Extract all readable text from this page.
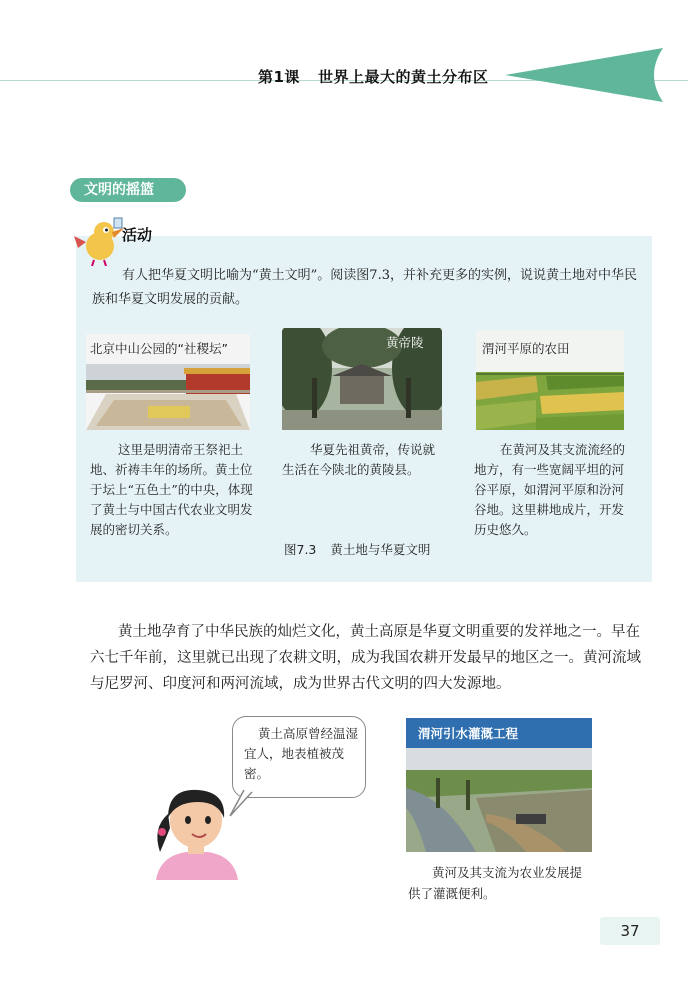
第1课 世界上最大的黄土分布区
文明的摇篮
活动
有人把华夏文明比喻为“黄土文明”。阅读图7.3，并补充更多的实例，说说黄土地对中华民族和华夏文明发展的贡献。
北京中山公园的“社稷坛”	黄帝陵	渭河平原的农田
这里是明清帝王祭祀土地、祈祷丰年的场所。黄土位于坛上“五色土”的中央，体现了黄土与中国古代农业文明发展的密切关系。
华夏先祖黄帝，传说就生活在今陕北的黄陵县。
在黄河及其支流流经的地方，有一些宽阔平坦的河谷平原，如渭河平原和汾河谷地。这里耕地成片，开发历史悠久。
图7.3 黄土地与华夏文明
黄土地孕育了中华民族的灿烂文化，黄土高原是华夏文明重要的发祥地之一。早在六七千年前，这里就已出现了农耕文明，成为我国农耕开发最早的地区之一。黄河流域与尼罗河、印度河和两河流域，成为世界古代文明的四大发源地。
黄土高原曾经温湿宜人，地表植被茂密。
渭河引水灌溉工程
黄河及其支流为农业发展提供了灌溉便利。
37
